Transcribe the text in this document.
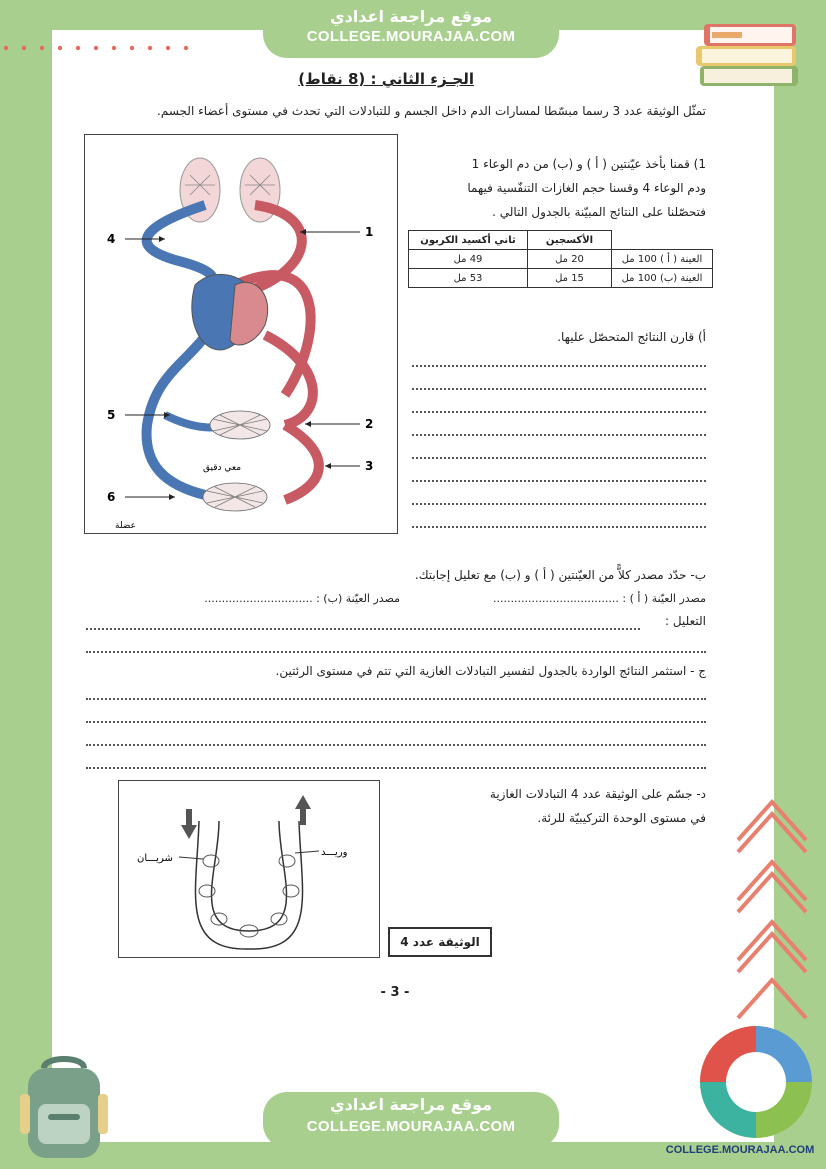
موقع مراجعة اعدادي
COLLEGE.MOURAJAA.COM
الجـزء الثاني : (8 نقاط)
تمثّل الوثيقة عدد 3 رسما مبسّطا لمسارات الدم داخل الجسم و للتبادلات التي تحدث في مستوى أعضاء الجسم.
1
2
3
4
5
6
معي دقيق
عضلة
1) قمنا بأخذ عيّنتين ( أ ) و (ب) من دم الوعاء 1
ودم الوعاء 4 وقسنا حجم الغازات التنفّسية فيهما
فتحصّلنا على النتائج المبيّنة بالجدول التالي .
	الأكسجين	ثاني أكسيد الكربون
العينة ( أ ) 100 مل	20 مل	49 مل
العينة (ب) 100 مل	15 مل	53 مل
أ) قارن النتائج المتحصّل عليها.
ب- حدّد مصدر كلاًّ من العيّنتين ( أ ) و (ب) مع تعليل إجابتك.
مصدر العيّنة ( أ ) : ....................................
مصدر العيّنة (ب) : ...............................
التعليل :
ج - استثمر النتائج الواردة بالجدول لتفسير التبادلات الغازية التي تتم في مستوى الرئتين.
شريـــان
وريـــد
د- جسّم على الوثيقة عدد 4 التبادلات الغازية
في مستوى الوحدة التركيبيّة للرئة.
الوثيقة عدد 4
- 3 -
موقع مراجعة اعدادي
COLLEGE.MOURAJAA.COM
COLLEGE.MOURAJAA.COM
